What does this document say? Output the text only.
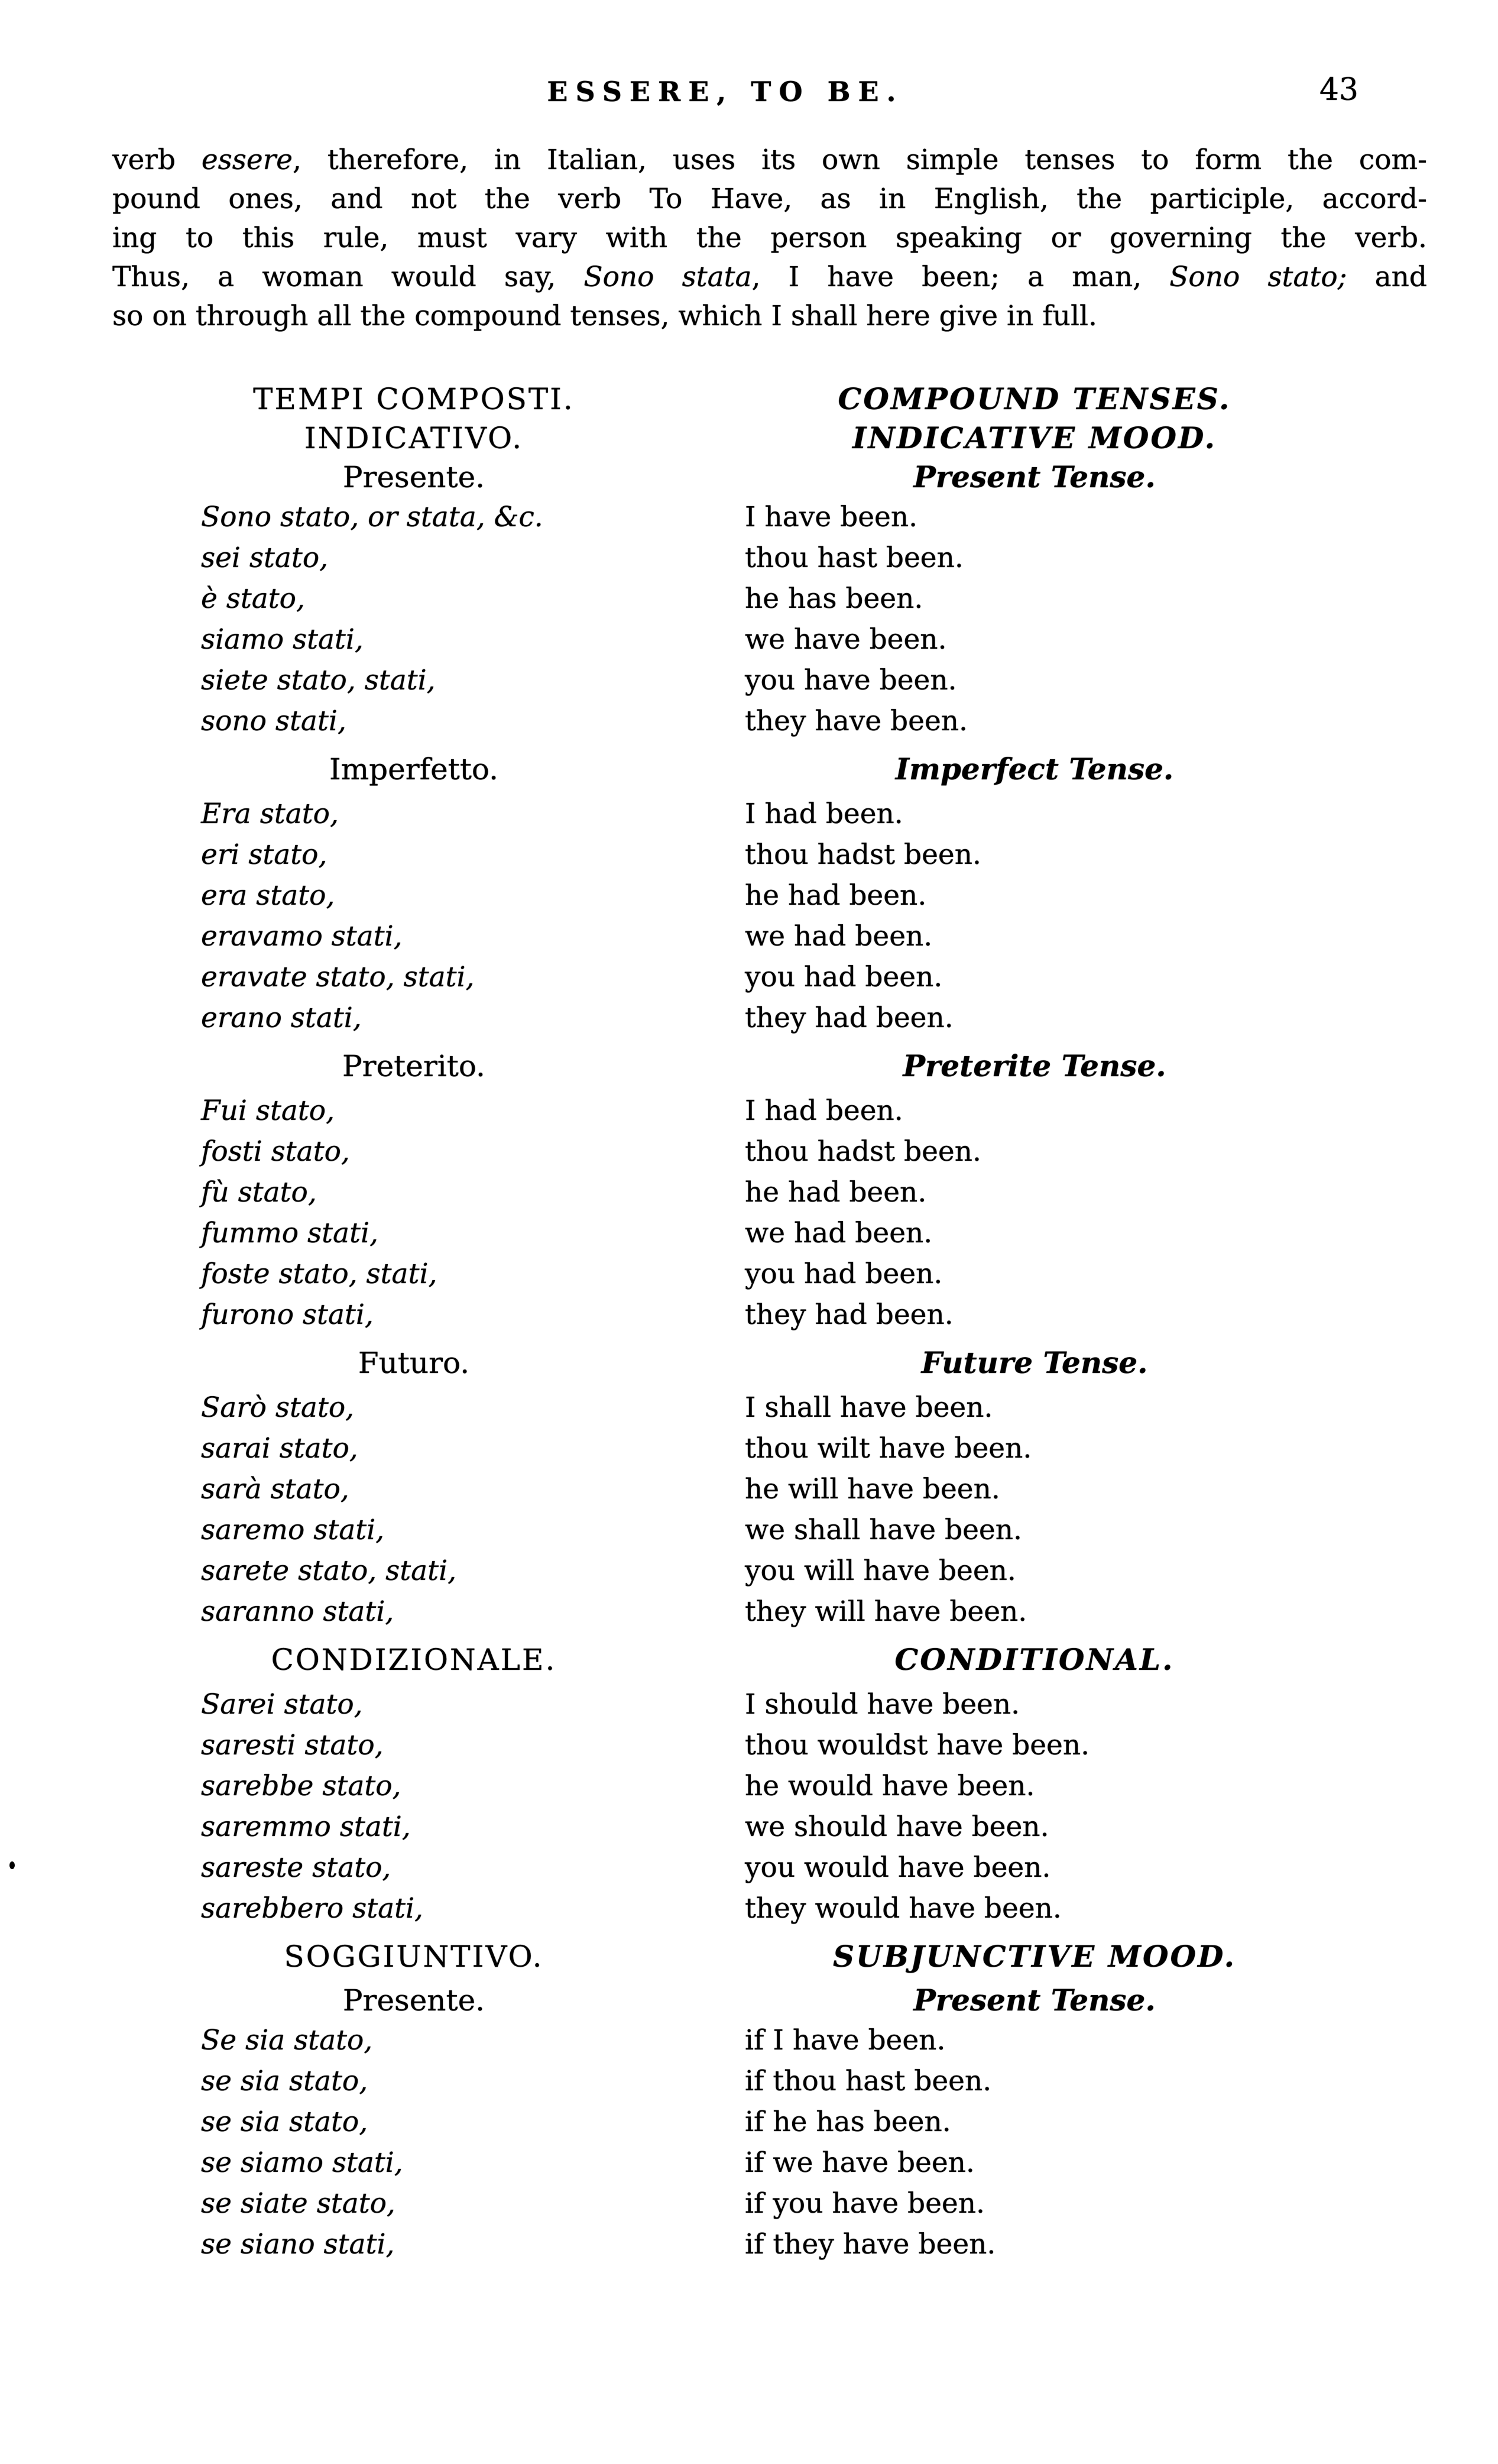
ESSERE, TO BE.	43
verb essere, therefore, in Italian, uses its own simple tenses to form the com-
pound ones, and not the verb To Have, as in English, the participle, accord-
ing to this rule, must vary with the person speaking or governing the verb.
Thus, a woman would say, Sono stata, I have been; a man, Sono stato; and
so on through all the compound tenses, which I shall here give in full.
TEMPI COMPOSTI.	COMPOUND TENSES.
INDICATIVO.	INDICATIVE MOOD.
Presente.	Present Tense.
Sono stato, or stata, &c.	I have been.
sei stato,	thou hast been.
è stato,	he has been.
siamo stati,	we have been.
siete stato, stati,	you have been.
sono stati,	they have been.
Imperfetto.	Imperfect Tense.
Era stato,	I had been.
eri stato,	thou hadst been.
era stato,	he had been.
eravamo stati,	we had been.
eravate stato, stati,	you had been.
erano stati,	they had been.
Preterito.	Preterite Tense.
Fui stato,	I had been.
fosti stato,	thou hadst been.
fù stato,	he had been.
fummo stati,	we had been.
foste stato, stati,	you had been.
furono stati,	they had been.
Futuro.	Future Tense.
Sarò stato,	I shall have been.
sarai stato,	thou wilt have been.
sarà stato,	he will have been.
saremo stati,	we shall have been.
sarete stato, stati,	you will have been.
saranno stati,	they will have been.
CONDIZIONALE.	CONDITIONAL.
Sarei stato,	I should have been.
saresti stato,	thou wouldst have been.
sarebbe stato,	he would have been.
saremmo stati,	we should have been.
sareste stato,	you would have been.
sarebbero stati,	they would have been.
SOGGIUNTIVO.	SUBJUNCTIVE MOOD.
Presente.	Present Tense.
Se sia stato,	if I have been.
se sia stato,	if thou hast been.
se sia stato,	if he has been.
se siamo stati,	if we have been.
se siate stato,	if you have been.
se siano stati,	if they have been.
